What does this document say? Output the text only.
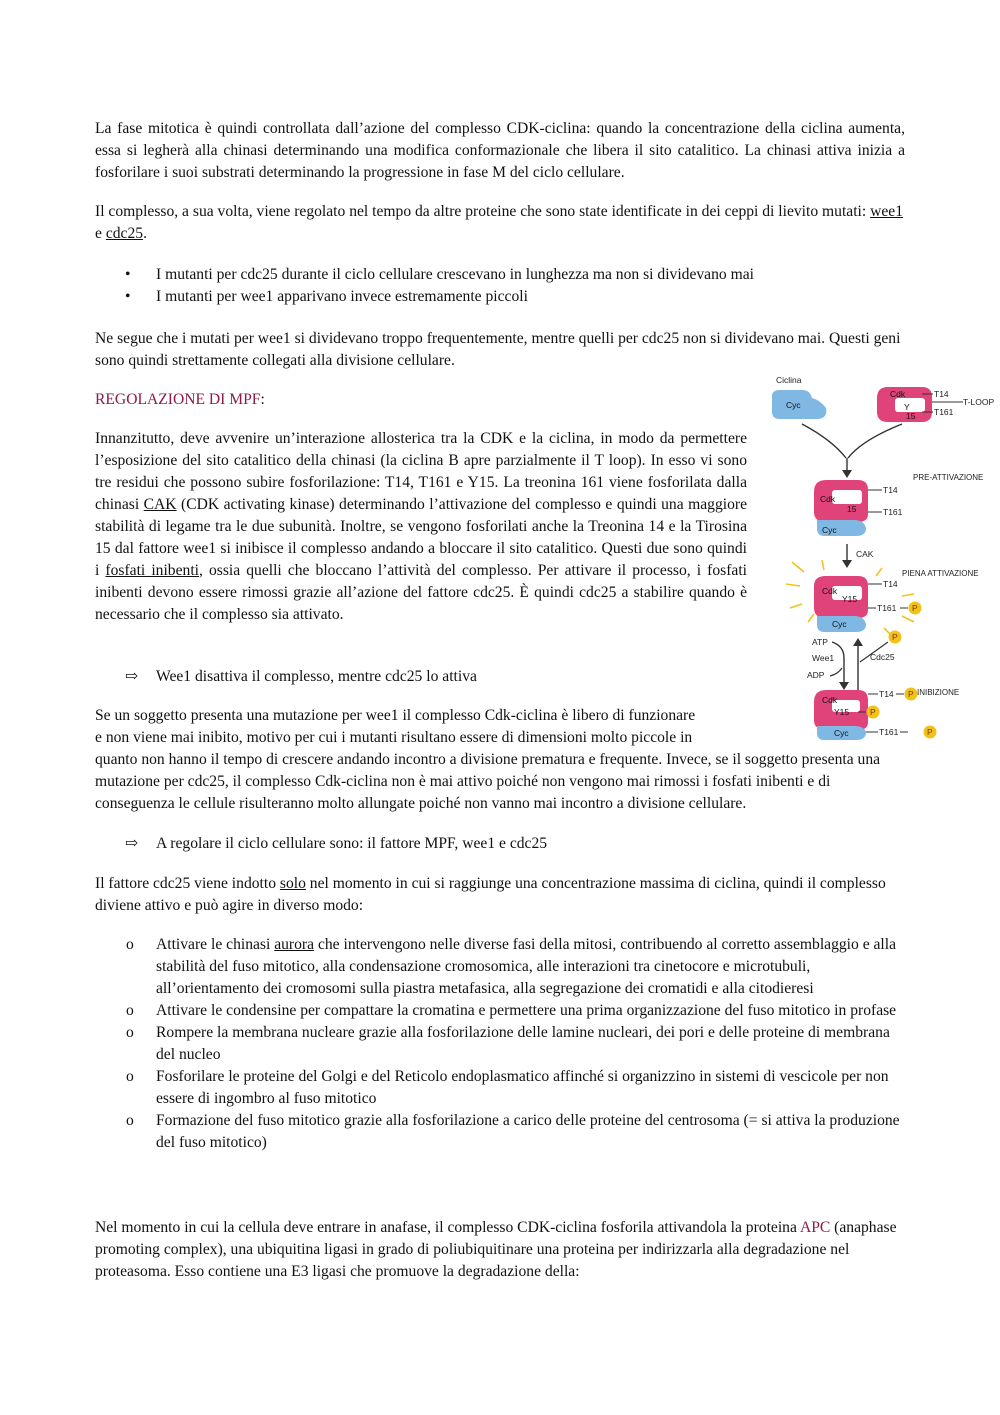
La fase mitotica è quindi controllata dall’azione del complesso CDK-ciclina: quando la concentrazione della ciclina aumenta, essa si legherà alla chinasi determinando una modifica conformazionale che libera il sito catalitico. La chinasi attiva inizia a fosforilare i suoi substrati determinando la progressione in fase M del ciclo cellulare.

Il complesso, a sua volta, viene regolato nel tempo da altre proteine che sono state identificate in dei ceppi di lievito mutati: wee1 e cdc25.

• I mutanti per cdc25 durante il ciclo cellulare crescevano in lunghezza ma non si dividevano mai
• I mutanti per wee1 apparivano invece estremamente piccoli

Ne segue che i mutati per wee1 si dividevano troppo frequentemente, mentre quelli per cdc25 non si dividevano mai. Questi geni sono quindi strettamente collegati alla divisione cellulare.

REGOLAZIONE DI MPF:

Innanzitutto, deve avvenire un’interazione allosterica tra la CDK e la ciclina, in modo da permettere l’esposizione del sito catalitico della chinasi (la ciclina B apre parzialmente il T loop). In esso vi sono tre residui che possono subire fosforilazione: T14, T161 e Y15. La treonina 161 viene fosforilata dalla chinasi CAK (CDK activating kinase) determinando l’attivazione del complesso e quindi una maggiore stabilità di legame tra le due subunità. Inoltre, se vengono fosforilati anche la Treonina 14 e la Tirosina 15 dal fattore wee1 si inibisce il complesso andando a bloccare il sito catalitico. Questi due sono quindi i fosfati inibenti, ossia quelli che bloccano l’attività del complesso. Per attivare il processo, i fosfati inibenti devono essere rimossi grazie all’azione del fattore cdc25. È quindi cdc25 a stabilire quando è necessario che il complesso sia attivato.

⇨ Wee1 disattiva il complesso, mentre cdc25 lo attiva

Se un soggetto presenta una mutazione per wee1 il complesso Cdk-ciclina è libero di funzionare

e non viene mai inibito, motivo per cui i mutanti risultano essere di dimensioni molto piccole in

quanto non hanno il tempo di crescere andando incontro a divisione prematura e frequente. Invece, se il soggetto presenta una mutazione per cdc25, il complesso Cdk-ciclina non è mai attivo poiché non vengono mai rimossi i fosfati inibenti e di conseguenza le cellule risulteranno molto allungate poiché non vanno mai incontro a divisione cellulare.

⇨ A regolare il ciclo cellulare sono: il fattore MPF, wee1 e cdc25

Il fattore cdc25 viene indotto solo nel momento in cui si raggiunge una concentrazione massima di ciclina, quindi il complesso diviene attivo e può agire in diverso modo:

o Attivare le chinasi aurora che intervengono nelle diverse fasi della mitosi, contribuendo al corretto assemblaggio e alla stabilità del fuso mitotico, alla condensazione cromosomica, alle interazioni tra cinetocore e microtubuli, all’orientamento dei cromosomi sulla piastra metafasica, alla segregazione dei cromatidi e alla citodieresi
o Attivare le condensine per compattare la cromatina e permettere una prima organizzazione del fuso mitotico in profase
o Rompere la membrana nucleare grazie alla fosforilazione delle lamine nucleari, dei pori e delle proteine di membrana del nucleo
o Fosforilare le proteine del Golgi e del Reticolo endoplasmatico affinché si organizzino in sistemi di vescicole per non essere di ingombro al fuso mitotico
o Formazione del fuso mitotico grazie alla fosforilazione a carico delle proteine del centrosoma (= si attiva la produzione del fuso mitotico)

Nel momento in cui la cellula deve entrare in anafase, il complesso CDK-ciclina fosforila attivandola la proteina APC (anaphase promoting complex), una ubiquitina ligasi in grado di poliubiquitinare una proteina per indirizzarla alla degradazione nel proteasoma. Esso contiene una E3 ligasi che promuove la degradazione della:

Ciclina
Cyc
Cdk
Y
15
T14
T161
T-LOOP
PRE-ATTIVAZIONE
Cdk
15
Cyc
T14
T161
CAK
PIENA ATTIVAZIONE
Cdk
Y15
Cyc
T14
T161 P
P
ATP
Wee1
ADP
Cdc25
INIBIZIONE
Cdk
Y15 P
Cyc
T14 P
T161	P
